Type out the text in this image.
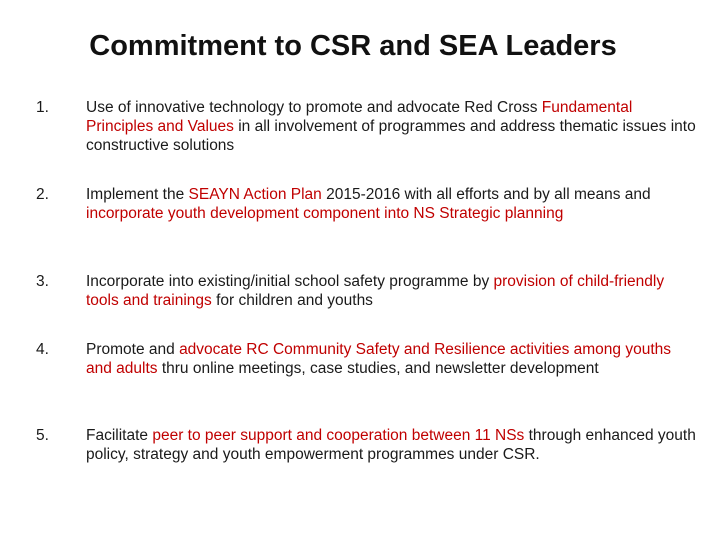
Commitment to CSR and SEA Leaders
1.	Use of innovative technology to promote and advocate Red Cross Fundamental Principles and Values in all involvement of programmes and address thematic issues into constructive solutions
2.	Implement the SEAYN Action Plan 2015-2016 with all efforts and by all means and incorporate youth development component into NS Strategic planning
3.	Incorporate into existing/initial school safety programme by provision of child-friendly tools and trainings for children and youths
4.	Promote and advocate RC Community Safety and Resilience activities among youths and adults thru online meetings, case studies, and newsletter development
5.	Facilitate peer to peer support and cooperation between 11 NSs through enhanced youth policy, strategy and youth empowerment programmes under CSR.
